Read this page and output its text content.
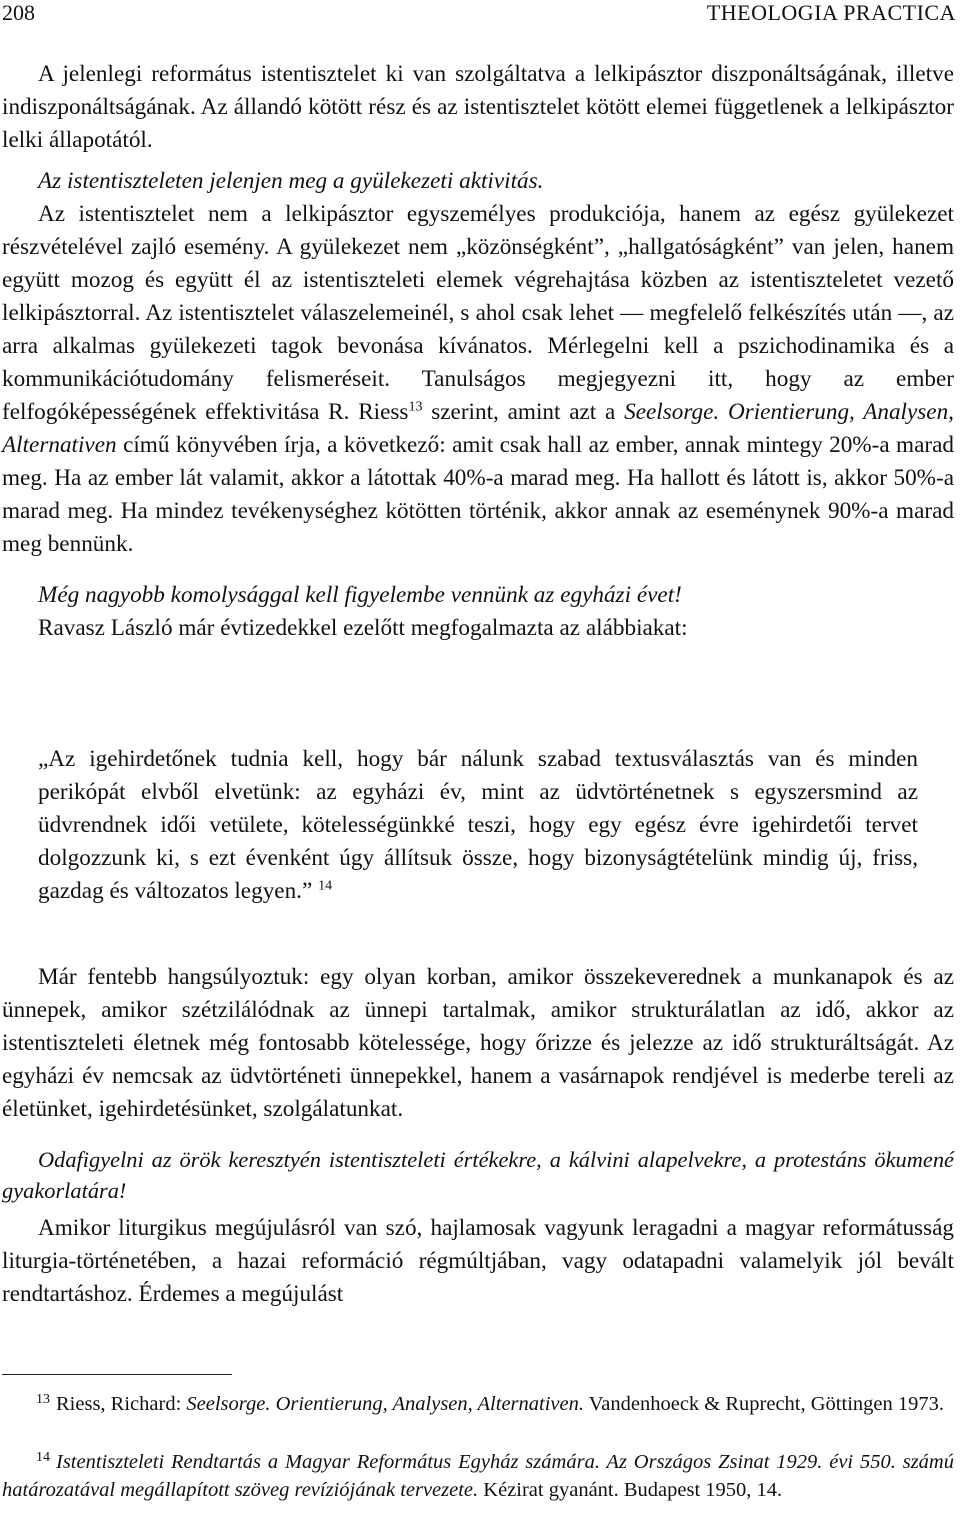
208	THEOLOGIA PRACTICA

A jelenlegi református istentisztelet ki van szolgáltatva a lelkipásztor diszponáltságának, illetve indiszponáltságának. Az állandó kötött rész és az istentisztelet kötött elemei függetlenek a lelkipásztor lelki állapotától.

Az istentiszteleten jelenjen meg a gyülekezeti aktivitás.

Az istentisztelet nem a lelkipásztor egyszemélyes produkciója, hanem az egész gyülekezet részvételével zajló esemény. A gyülekezet nem „közönségként”, „hallgatóságként” van jelen, hanem együtt mozog és együtt él az istentiszteleti elemek végrehajtása közben az istentiszteletet vezető lelkipásztorral. Az istentisztelet válaszelemeinél, s ahol csak lehet — megfelelő felkészítés után —, az arra alkalmas gyülekezeti tagok bevonása kívánatos. Mérlegelni kell a pszichodinamika és a kommunikációtudomány felismeréseit. Tanulságos megjegyezni itt, hogy az ember felfogóképességének effektivitása R. Riess$^{13}$ szerint, amint azt a Seelsorge. Orientierung, Analysen, Alternativen című könyvében írja, a következő: amit csak hall az ember, annak mintegy 20%-a marad meg. Ha az ember lát valamit, akkor a látottak 40%-a marad meg. Ha hallott és látott is, akkor 50%-a marad meg. Ha mindez tevékenységhez kötötten történik, akkor annak az eseménynek 90%-a marad meg bennünk.

Még nagyobb komolysággal kell figyelembe vennünk az egyházi évet!

Ravasz László már évtizedekkel ezelőtt megfogalmazta az alábbiakat:

„Az igehirdetőnek tudnia kell, hogy bár nálunk szabad textusválasztás van és minden perikópát elvből elvetünk: az egyházi év, mint az üdvtörténetnek s egyszersmind az üdvrendnek idői vetülete, kötelességünkké teszi, hogy egy egész évre igehirdetői tervet dolgozzunk ki, s ezt évenként úgy állítsuk össze, hogy bizonyságtételünk mindig új, friss, gazdag és változatos legyen.” $^{14}$

Már fentebb hangsúlyoztuk: egy olyan korban, amikor összekeverednek a munkanapok és az ünnepek, amikor szétzilálódnak az ünnepi tartalmak, amikor strukturálatlan az idő, akkor az istentiszteleti életnek még fontosabb kötelessége, hogy őrizze és jelezze az idő strukturáltságát. Az egyházi év nemcsak az üdvtörténeti ünnepekkel, hanem a vasárnapok rendjével is mederbe tereli az életünket, igehirdetésünket, szolgálatunkat.

Odafigyelni az örök keresztyén istentiszteleti értékekre, a kálvini alapelvekre, a protestáns ökumené gyakorlatára!

Amikor liturgikus megújulásról van szó, hajlamosak vagyunk leragadni a magyar reformátusság liturgia-történetében, a hazai reformáció régmúltjában, vagy odatapadni valamelyik jól bevált rendtartáshoz. Érdemes a megújulást

$^{13}$ Riess, Richard: Seelsorge. Orientierung, Analysen, Alternativen. Vandenhoeck & Ruprecht, Göttingen 1973.
$^{14}$ Istentiszteleti Rendtartás a Magyar Református Egyház számára. Az Országos Zsinat 1929. évi 550. számú határozatával megállapított szöveg revíziójának tervezete. Kézirat gyanánt. Budapest 1950, 14.
